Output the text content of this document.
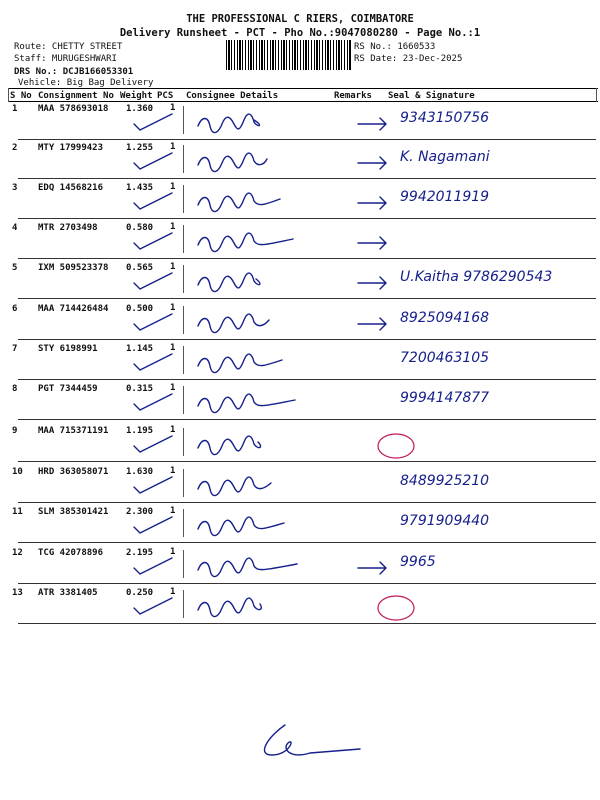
THE PROFESSIONAL C RIERS, COIMBATORE
Delivery Runsheet - PCT - Pho No.:9047080280 - Page No.:1
Route: CHETTY STREET
Staff: MURUGESHWARI
DRS No.: DCJB166053301
Vehicle: Big Bag Delivery
RS No.: 1660533
RS Date: 23-Dec-2025
S No Consignment No Weight PCS Consignee Details	Remarks Seal & Signature
1 MAA 578693018 1.360 1
9343150756
2 MTY 17999423	1.255 1
K. Nagamani
3 EDQ 14568216	1.435 1
9942011919
4 MTR 2703498	0.580 1
5 IXM 509523378 0.565 1
U.Kaitha 9786290543
6 MAA 714426484 0.500 1
8925094168
7 STY 6198991	1.145 1
7200463105
8 PGT 7344459	0.315 1
9994147877
9 MAA 715371191 1.195 1
10 HRD 363058071 1.630 1
8489925210
11 SLM 385301421 2.300 1
9791909440
12 TCG 42078896	2.195 1
9965
13 ATR 3381405	0.250 1
